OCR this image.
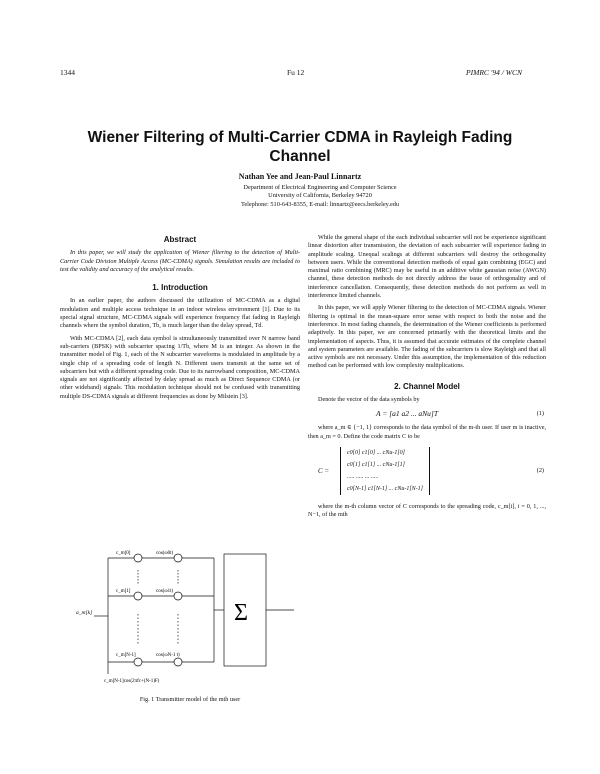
1344	Fu 12	PIMRC '94 / WCN
Wiener Filtering of Multi-Carrier CDMA in Rayleigh Fading Channel
Nathan Yee and Jean-Paul Linnartz
Department of Electrical Engineering and Computer Science
University of California, Berkeley 94720
Telephone: 510-643-8355, E-mail: linnartz@eecs.berkeley.edu
Abstract

In this paper, we will study the application of Wiener filtering to the detection of Multi-Carrier Code Division Multiple Access (MC-CDMA) signals. Simulation results are included to test the validity and accuracy of the analytical results.

1. Introduction

In an earlier paper, the authors discussed the utilization of MC-CDMA as a digital modulation and multiple access technique in an indoor wireless environment [1]. Due to its special signal structure, MC-CDMA signals will experience frequency flat fading in Rayleigh channels where the symbol duration, Tb, is much larger than the delay spread, Td.

With MC-CDMA [2], each data symbol is simultaneously transmitted over N narrow band sub-carriers (BPSK) with subcarrier spacing 1/Tb, where M is an integer. As shown in the transmitter model of Fig. 1, each of the N subcarrier waveforms is modulated in amplitude by a single chip of a spreading code of length N. Different users transmit at the same set of subcarriers but with a different spreading code. Due to its narrowband composition, MC-CDMA signals are not significantly affected by delay spread as much as Direct Sequence CDMA (or other wideband) signals. This modulation technique should not be confused with transmitting multiple DS-CDMA signals at different frequencies as done by Milstein [3].

a_m[k]	Σ
c_m[0]	cos(ω0t)
c_m[1]	cos(ω1t)
c_m[N-1]	cos(ωN-1 t)
c_m[N-1]cos(2πfc+(N-1)F)
Fig. 1 Transmitter model of the mth user

While the general shape of the each individual subcarrier will not be experience significant linear distortion after transmission, the deviation of each subcarrier will experience fading in amplitude scaling. Unequal scalings at different subcarriers will destroy the orthogonality between users. While the conventional detection methods of equal gain combining (EGC) and maximal ratio combining (MRC) may be useful in an additive white gaussian noise (AWGN) channel, these detection methods do not directly address the issue of orthogonality and of interference cancellation. Consequently, these detection methods do not perform as well in interference limited channels.

In this paper, we will apply Wiener filtering to the detection of MC-CDMA signals. Wiener filtering is optimal in the mean-square error sense with respect to both the noise and the interference. In most fading channels, the determination of the Wiener coefficients is performed adaptively. In this paper, we are concerned primarily with the theoretical limits and the implementation of aspects. Thus, it is assumed that accurate estimates of the complete channel and system parameters are available. The fading of the subcarriers is slow Rayleigh and that all active symbols are not necessary. Under this assumption, the implementation of this reduction method can be performed with low complexity multiplications.

2. Channel Model

Denote the vector of the data symbols by

A = [a1 a2 ... aNu]T	(1)

where a_m ∈ {−1, 1} corresponds to the data symbol of the m-th user. If user m is inactive, then a_m = 0. Define the code matrix C to be

C =
c0[0] c1[0] ... cNu-1[0]
c0[1] c1[1] ... cNu-1[1]
..... ..... ... .....
c0[N-1] c1[N-1] ... cNu-1[N-1]
(2)

where the m-th column vector of C corresponds to the spreading code, c_m[i], i = 0, 1, ..., N−1, of the mth
